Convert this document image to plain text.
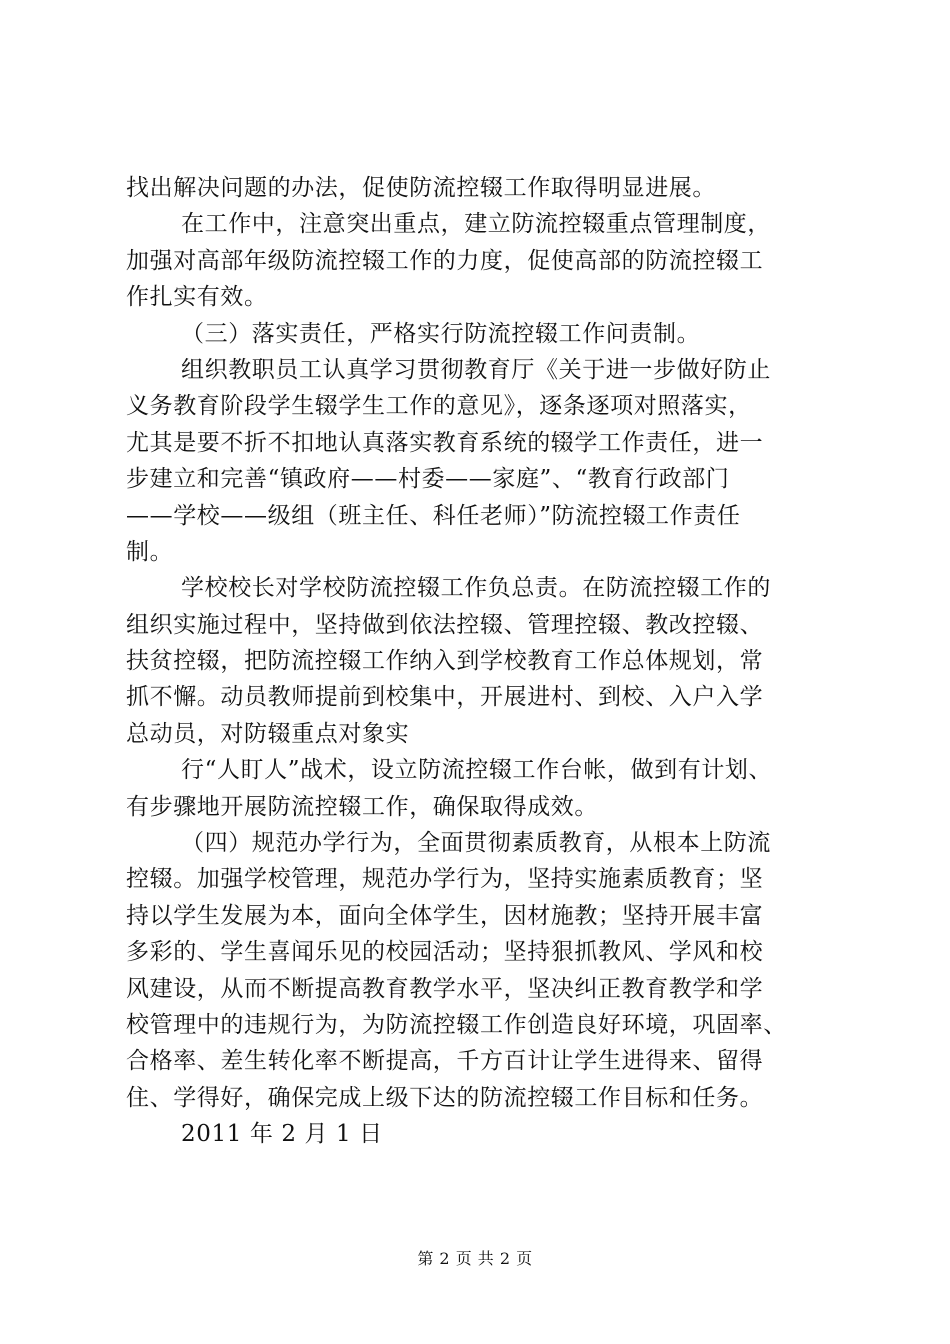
找出解决问题的办法，促使防流控辍工作取得明显进展。
在工作中，注意突出重点，建立防流控辍重点管理制度，
加强对高部年级防流控辍工作的力度，促使高部的防流控辍工
作扎实有效。
（三）落实责任，严格实行防流控辍工作问责制。
组织教职员工认真学习贯彻教育厅《关于进一步做好防止
义务教育阶段学生辍学生工作的意见》，逐条逐项对照落实，
尤其是要不折不扣地认真落实教育系统的辍学工作责任，进一
步建立和完善“镇政府——村委——家庭”、“教育行政部门
——学校——级组（班主任、科任老师）”防流控辍工作责任
制。
学校校长对学校防流控辍工作负总责。在防流控辍工作的
组织实施过程中，坚持做到依法控辍、管理控辍、教改控辍、
扶贫控辍，把防流控辍工作纳入到学校教育工作总体规划，常
抓不懈。动员教师提前到校集中，开展进村、到校、入户入学
总动员，对防辍重点对象实
行“人盯人”战术，设立防流控辍工作台帐，做到有计划、
有步骤地开展防流控辍工作，确保取得成效。
（四）规范办学行为，全面贯彻素质教育，从根本上防流
控辍。加强学校管理，规范办学行为，坚持实施素质教育；坚
持以学生发展为本，面向全体学生，因材施教；坚持开展丰富
多彩的、学生喜闻乐见的校园活动；坚持狠抓教风、学风和校
风建设，从而不断提高教育教学水平，坚决纠正教育教学和学
校管理中的违规行为，为防流控辍工作创造良好环境，巩固率、
合格率、差生转化率不断提高，千方百计让学生进得来、留得
住、学得好，确保完成上级下达的防流控辍工作目标和任务。
2011 年 2 月 1 日
第 2 页 共 2 页
